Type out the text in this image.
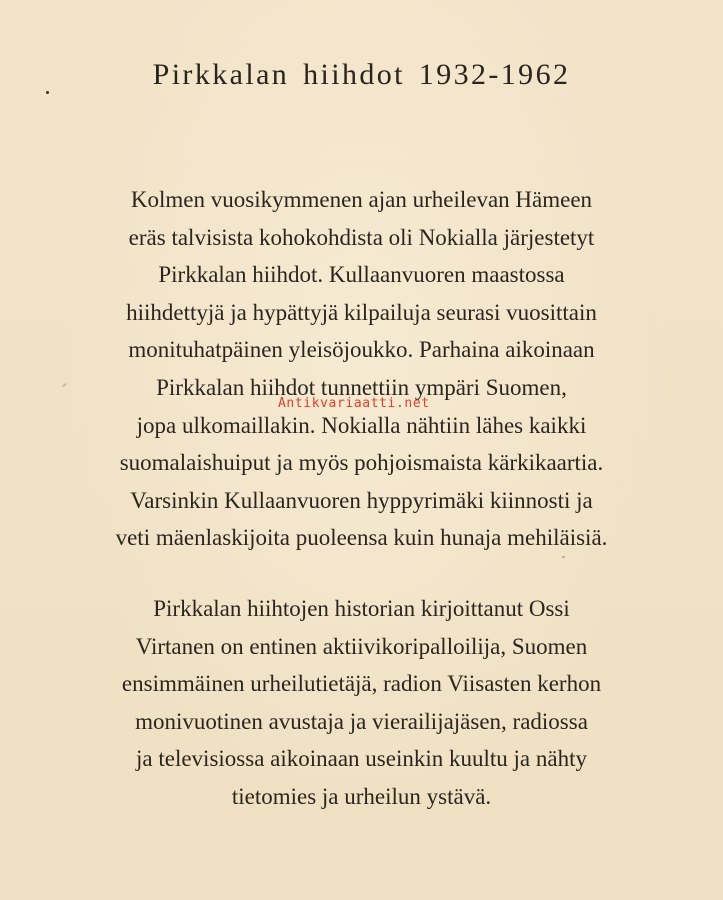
Pirkkalan hiihdot 1932-1962
Kolmen vuosikymmenen ajan urheilevan Hämeen
eräs talvisista kohokohdista oli Nokialla järjestetyt
Pirkkalan hiihdot. Kullaanvuoren maastossa
hiihdettyjä ja hypättyjä kilpailuja seurasi vuosittain
monituhatpäinen yleisöjoukko. Parhaina aikoinaan
Pirkkalan hiihdot tunnettiin ympäri Suomen,
jopa ulkomaillakin. Nokialla nähtiin lähes kaikki
suomalaishuiput ja myös pohjoismaista kärkikaartia.
Varsinkin Kullaanvuoren hyppyrimäki kiinnosti ja
veti mäenlaskijoita puoleensa kuin hunaja mehiläisiä.

Antikvariaatti.net

Pirkkalan hiihtojen historian kirjoittanut Ossi
Virtanen on entinen aktiivikoripalloilija, Suomen
ensimmäinen urheilutietäjä, radion Viisasten kerhon
monivuotinen avustaja ja vierailijajäsen, radiossa
ja televisiossa aikoinaan useinkin kuultu ja nähty
tietomies ja urheilun ystävä.
